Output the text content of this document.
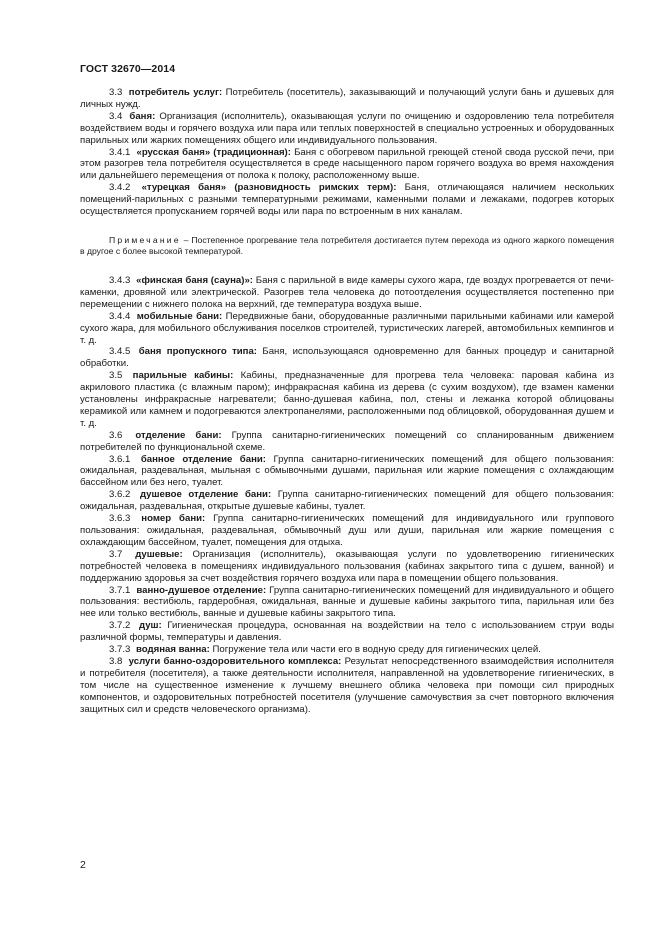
ГОСТ 32670—2014

3.3 потребитель услуг: Потребитель (посетитель), заказывающий и получающий услуги бань и душевых для личных нужд.

3.4 баня: Организация (исполнитель), оказывающая услуги по очищению и оздоровлению тела потребителя воздействием воды и горячего воздуха или пара или теплых поверхностей в специально устроенных и оборудованных парильных или жарких помещениях общего или индивидуального пользования.

3.4.1 «русская баня» (традиционная): Баня с обогревом парильной греющей стеной свода русской печи, при этом разогрев тела потребителя осуществляется в среде насыщенного паром горячего воздуха во время нахождения или дальнейшего перемещения от полока к полоку, расположенному выше.

3.4.2 «турецкая баня» (разновидность римских терм): Баня, отличающаяся наличием нескольких помещений-парильных с разными температурными режимами, каменными полами и лежаками, подогрев которых осуществляется пропусканием горячей воды или пара по встроенным в них каналам.

Примечание – Постепенное прогревание тела потребителя достигается путем перехода из одного жаркого помещения в другое с более высокой температурой.

3.4.3 «финская баня (сауна)»: Баня с парильной в виде камеры сухого жара, где воздух прогревается от печи-каменки, дровяной или электрической. Разогрев тела человека до потоотделения осуществляется постепенно при перемещении с нижнего полока на верхний, где температура воздуха выше.

3.4.4 мобильные бани: Передвижные бани, оборудованные различными парильными кабинами или камерой сухого жара, для мобильного обслуживания поселков строителей, туристических лагерей, автомобильных кемпингов и т. д.

3.4.5 баня пропускного типа: Баня, использующаяся одновременно для банных процедур и санитарной обработки.

3.5 парильные кабины: Кабины, предназначенные для прогрева тела человека: паровая кабина из акрилового пластика (с влажным паром); инфракрасная кабина из дерева (с сухим воздухом), где взамен каменки установлены инфракрасные нагреватели; банно-душевая кабина, пол, стены и лежанка которой облицованы керамикой или камнем и подогреваются электропанелями, расположенными под облицовкой, оборудованная душем и т. д.

3.6 отделение бани: Группа санитарно-гигиенических помещений со спланированным движением потребителей по функциональной схеме.

3.6.1 банное отделение бани: Группа санитарно-гигиенических помещений для общего пользования: ожидальная, раздевальная, мыльная с обмывочными душами, парильная или жаркие помещения с охлаждающим бассейном или без него, туалет.

3.6.2 душевое отделение бани: Группа санитарно-гигиенических помещений для общего пользования: ожидальная, раздевальная, открытые душевые кабины, туалет.

3.6.3 номер бани: Группа санитарно-гигиенических помещений для индивидуального или группового пользования: ожидальная, раздевальная, обмывочный душ или души, парильная или жаркие помещения с охлаждающим бассейном, туалет, помещения для отдыха.

3.7 душевые: Организация (исполнитель), оказывающая услуги по удовлетворению гигиенических потребностей человека в помещениях индивидуального пользования (кабинах закрытого типа с душем, ванной) и поддержанию здоровья за счет воздействия горячего воздуха или пара в помещении общего пользования.

3.7.1 ванно-душевое отделение: Группа санитарно-гигиенических помещений для индивидуального и общего пользования: вестибюль, гардеробная, ожидальная, ванные и душевые кабины закрытого типа, парильная или без нее или только вестибюль, ванные и душевые кабины закрытого типа.

3.7.2 душ: Гигиеническая процедура, основанная на воздействии на тело с использованием струи воды различной формы, температуры и давления.

3.7.3 водяная ванна: Погружение тела или части его в водную среду для гигиенических целей.

3.8 услуги банно-оздоровительного комплекса: Результат непосредственного взаимодействия исполнителя и потребителя (посетителя), а также деятельности исполнителя, направленной на удовлетворение гигиенических, в том числе на существенное изменение к лучшему внешнего облика человека при помощи сил природных компонентов, и оздоровительных потребностей посетителя (улучшение самочувствия за счет повторного включения защитных сил и средств человеческого организма).

2
